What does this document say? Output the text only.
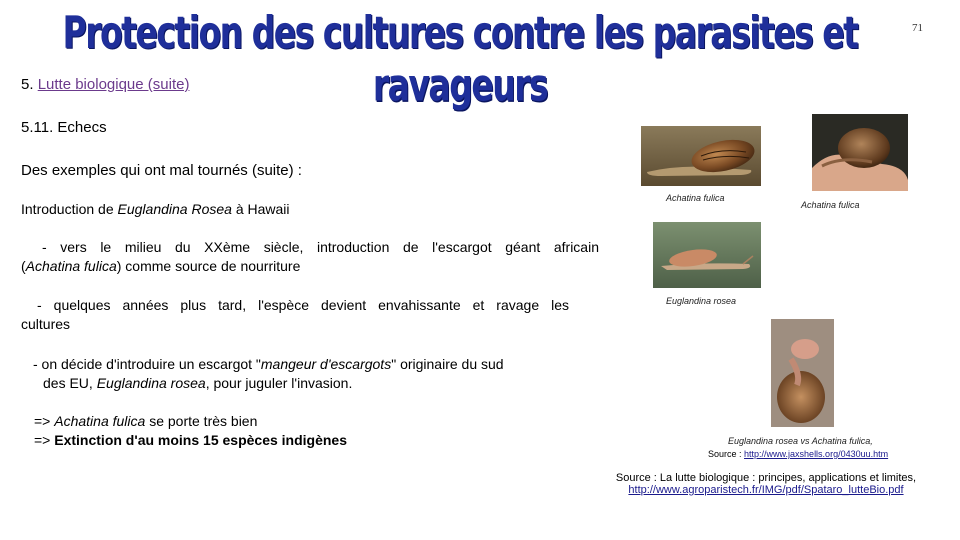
Protection des cultures contre les parasites et ravageurs
71
5. Lutte biologique (suite)
5.11. Echecs
Des exemples qui ont mal tournés (suite) :
Introduction de Euglandina Rosea à Hawaii
- vers le milieu du XXème siècle, introduction de l'escargot géant africain
(Achatina fulica) comme source de nourriture
- quelques années plus tard, l'espèce devient envahissante et ravage les
cultures
- on décide d'introduire un escargot "mangeur d'escargots" originaire du sud
des EU, Euglandina rosea, pour juguler l'invasion.
=> Achatina fulica se porte très bien
=> Extinction d'au moins 15 espèces indigènes
Achatina fulica
Achatina fulica
Euglandina rosea
Euglandina rosea vs Achatina fulica,
Source : http://www.jaxshells.org/0430uu.htm
Source : La lutte biologique : principes, applications et limites,
http://www.agroparistech.fr/IMG/pdf/Spataro_lutteBio.pdf
